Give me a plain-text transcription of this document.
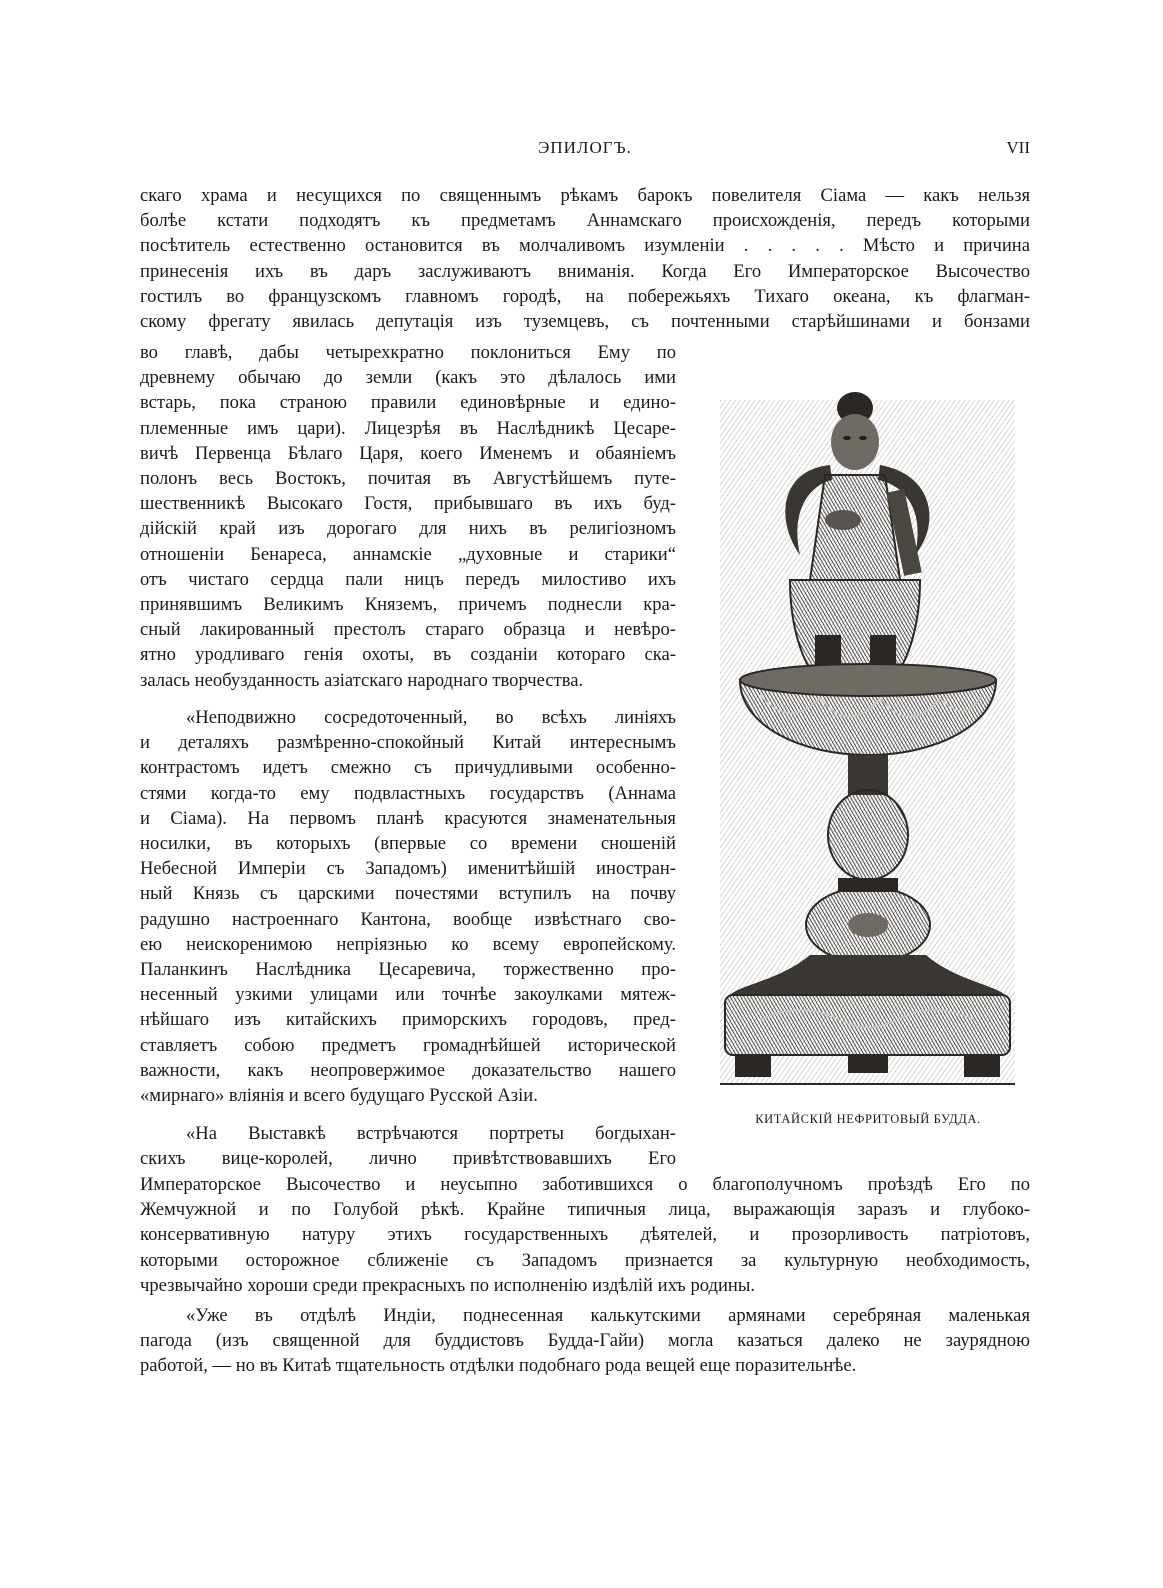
ЭПИЛОГЪ.	VII
скаго храма и несущихся по священнымъ рѣкамъ барокъ повелителя Сіама — какъ нельзя
болѣе кстати подходятъ къ предметамъ Аннамскаго происхожденія, передъ которыми
посѣтитель естественно остановится въ молчаливомъ изумленіи . . . . . Мѣсто и причина
принесенія ихъ въ даръ заслуживаютъ вниманія. Когда Его Императорское Высочество
гостилъ во французскомъ главномъ городѣ, на побережьяхъ Тихаго океана, къ флагман-
скому фрегату явилась депутація изъ туземцевъ, съ почтенными старѣйшинами и бонзами
во главѣ, дабы четырехкратно поклониться Ему по
древнему обычаю до земли (какъ это дѣлалось ими
встарь, пока страною правили единовѣрные и едино-
племенные имъ цари). Лицезрѣя въ Наслѣдникѣ Цесаре-
вичѣ Первенца Бѣлаго Царя, коего Именемъ и обаяніемъ
полонъ весь Востокъ, почитая въ Августѣйшемъ путе-
шественникѣ Высокаго Гостя, прибывшаго въ ихъ буд-
дійскій край изъ дорогаго для нихъ въ религіозномъ
отношеніи Бенареса, аннамскіе „духовные и старики“
отъ чистаго сердца пали ницъ передъ милостиво ихъ
принявшимъ Великимъ Княземъ, причемъ поднесли кра-
сный лакированный престолъ стараго образца и невѣро-
ятно уродливаго генія охоты, въ созданіи котораго ска-
залась необузданность азіатскаго народнаго творчества.
«Неподвижно сосредоточенный, во всѣхъ линіяхъ
и деталяхъ размѣренно-спокойный Китай интереснымъ
контрастомъ идетъ смежно съ причудливыми особенно-
стями когда-то ему подвластныхъ государствъ (Аннама
и Сіама). На первомъ планѣ красуются знаменательныя
носилки, въ которыхъ (впервые со времени сношеній
Небесной Имперіи съ Западомъ) именитѣйшій иностран-
ный Князь съ царскими почестями вступилъ на почву
радушно настроеннаго Кантона, вообще извѣстнаго сво-
ею неискоренимою непріязнью ко всему европейскому.
Паланкинъ Наслѣдника Цесаревича, торжественно про-
несенный узкими улицами или точнѣе закоулками мятеж-
нѣйшаго изъ китайскихъ приморскихъ городовъ, пред-
ставляетъ собою предметъ громаднѣйшей исторической
важности, какъ неопровержимое доказательство нашего
«мирнаго» вліянія и всего будущаго Русской Азіи.
«На Выставкѣ встрѣчаются портреты богдыхан-
скихъ вице-королей, лично привѣтствовавшихъ Его
Императорское Высочество и неусыпно заботившихся о благополучномъ проѣздѣ Его по
Жемчужной и по Голубой рѣкѣ. Крайне типичныя лица, выражающія заразъ и глубоко-
консервативную натуру этихъ государственныхъ дѣятелей, и прозорливость патріотовъ,
которыми осторожное сближеніе съ Западомъ признается за культурную необходимость,
чрезвычайно хороши среди прекрасныхъ по исполненію издѣлій ихъ родины.
«Уже въ отдѣлѣ Индіи, поднесенная калькутскими армянами серебряная маленькая
пагода (изъ священной для буддистовъ Будда-Гайи) могла казаться далеко не заурядною
работой, — но въ Китаѣ тщательность отдѣлки подобнаго рода вещей еще поразительнѣе.
КИТАЙСКІЙ НЕФРИТОВЫЙ БУДДА.
